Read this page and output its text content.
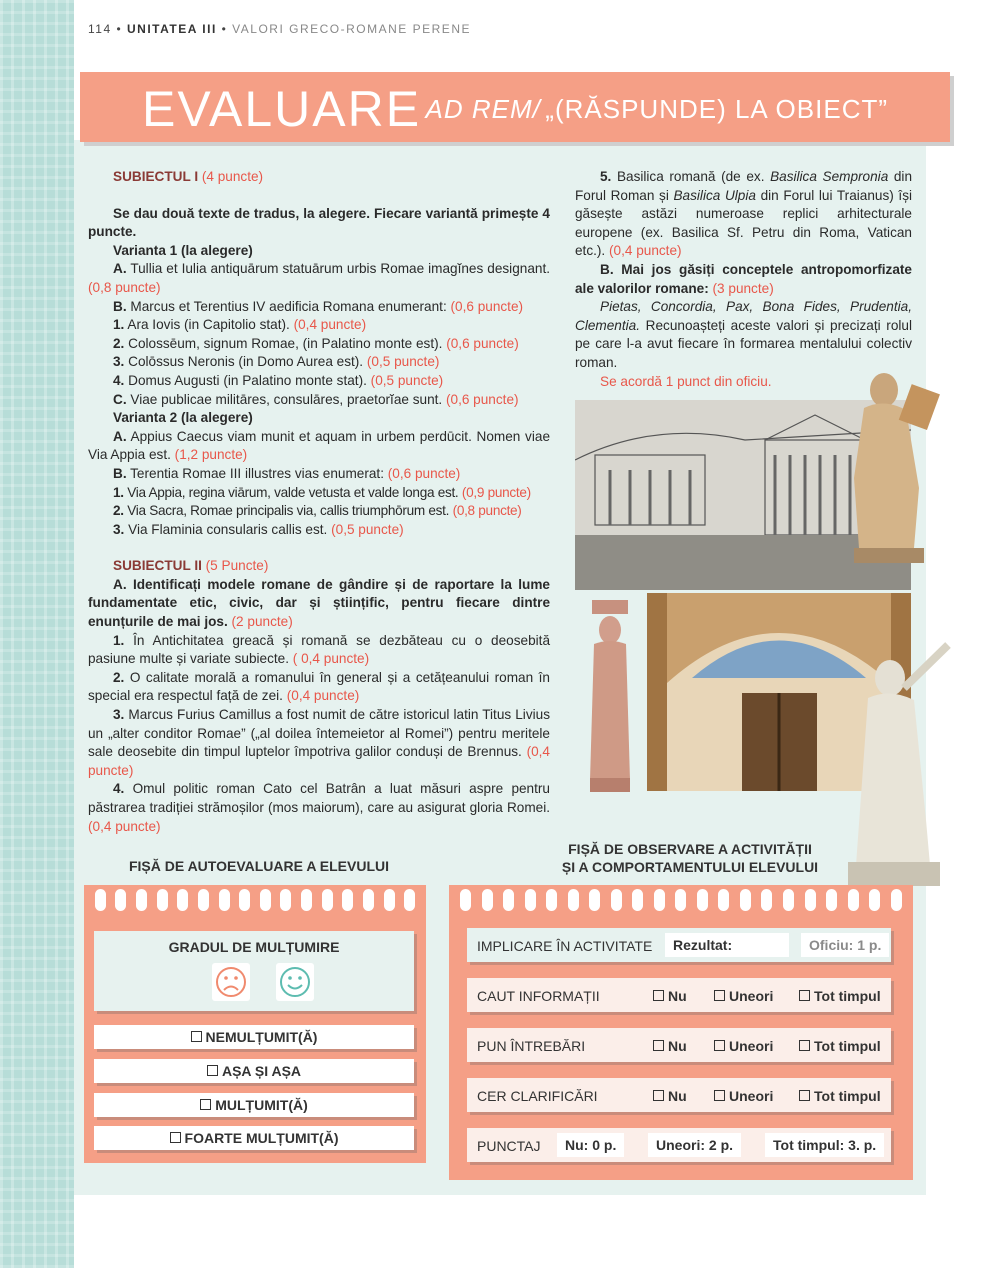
114 • UNITATEA III • VALORI GRECO-ROMANE PERENE
EVALUARE AD REM/ „(RĂSPUNDE) LA OBIECT”

SUBIECTUL I (4 puncte)

Se dau două texte de tradus, la alegere. Fiecare variantă primește 4 puncte.

Varianta 1 (la alegere)

A. Tullia et Iulia antiquārum statuārum urbis Romae imagĭnes designant. (0,8 puncte)

B. Marcus et Terentius IV aedificia Romana enumerant: (0,6 puncte)

1. Ara Iovis (in Capitolio stat). (0,4 puncte)

2. Colossēum, signum Romae, (in Palatino monte est). (0,6 puncte)

3. Colōssus Neronis (in Domo Aurea est). (0,5 puncte)

4. Domus Augusti (in Palatino monte stat). (0,5 puncte)

C. Viae publicae militāres, consulāres, praetorĭae sunt. (0,6 puncte)

Varianta 2 (la alegere)

A. Appius Caecus viam munit et aquam in urbem perdūcit. Nomen viae Via Appia est. (1,2 puncte)

B. Terentia Romae III illustres vias enumerat: (0,6 puncte)

1. Via Appia, regina viārum, valde vetusta et valde longa est. (0,9 puncte)

2. Via Sacra, Romae principalis via, callis triumphōrum est. (0,8 puncte)

3. Via Flaminia consularis callis est. (0,5 puncte)

SUBIECTUL II (5 Puncte)

A. Identificați modele romane de gândire și de raportare la lume fundamentate etic, civic, dar și științific, pentru fiecare dintre enunțurile de mai jos. (2 puncte)

1. În Antichitatea greacă și romană se dezbăteau cu o deosebită pasiune multe și variate subiecte. ( 0,4 puncte)

2. O calitate morală a romanului în general și a cetățeanului roman în special era respectul față de zei. (0,4 puncte)

3. Marcus Furius Camillus a fost numit de către istoricul latin Titus Livius un „alter conditor Romae” („al doilea întemeietor al Romei”) pentru meritele sale deosebite din timpul luptelor împotriva galilor conduși de Brennus. (0,4 puncte)

4. Omul politic roman Cato cel Batrân a luat măsuri aspre pentru păstrarea tradiției strămoșilor (mos maiorum), care au asigurat gloria Romei. (0,4 puncte)

5. Basilica romană (de ex. Basilica Sempronia din Forul Roman și Basilica Ulpia din Forul lui Traianus) își găsește astăzi numeroase replici arhitecturale europene (ex. Basilica Sf. Petru din Roma, Vatican etc.). (0,4 puncte)

B. Mai jos găsiți conceptele antropomorfizate ale valorilor romane: (3 puncte)

Pietas, Concordia, Pax, Bona Fides, Prudentia, Clementia. Recunoașteți aceste valori și precizați rolul pe care l-a avut fiecare în formarea mentalului colectiv roman.

Se acordă 1 punct din oficiu.

FIȘĂ DE AUTOEVALUARE A ELEVULUI
GRADUL DE MULȚUMIRE
NEMULȚUMIT(Ă)
AȘA ȘI AȘA
MULȚUMIT(Ă)
FOARTE MULȚUMIT(Ă)
FIȘĂ DE OBSERVARE A ACTIVITĂȚII
ȘI A COMPORTAMENTULUI ELEVULUI
IMPLICARE ÎN ACTIVITATE	Rezultat:	Oficiu: 1 p.
CAUT INFORMAȚII	Nu	Uneori	Tot timpul
PUN ÎNTREBĂRI	Nu	Uneori	Tot timpul
CER CLARIFICĂRI	Nu	Uneori	Tot timpul
PUNCTAJ	Nu: 0 p.	Uneori: 2 p.	Tot timpul: 3. p.
